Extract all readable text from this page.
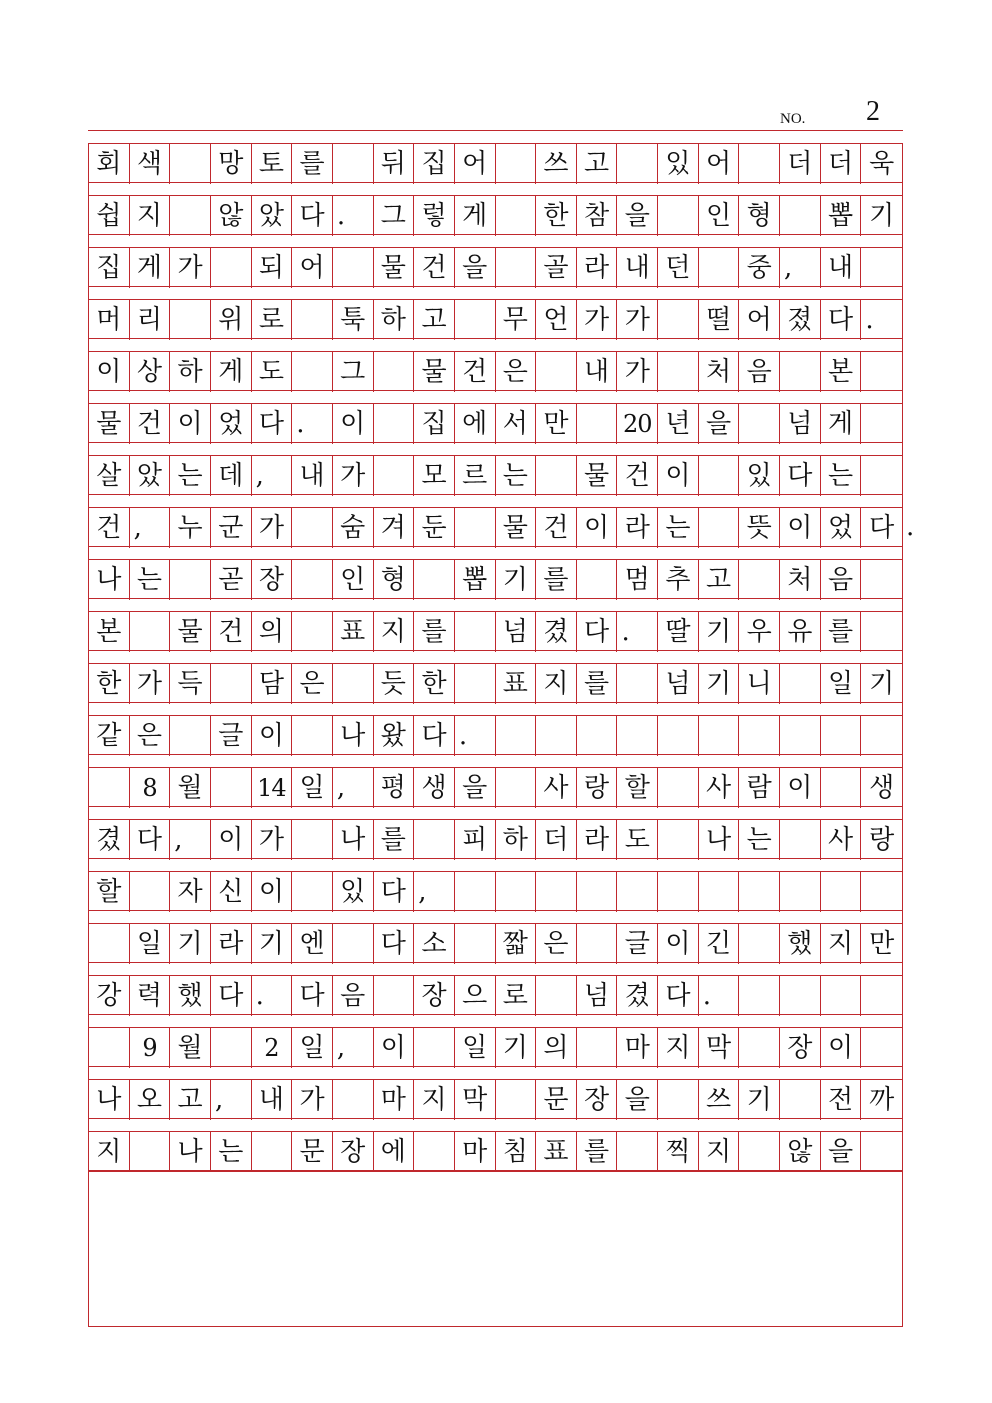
NO. 2
회 색	망 토 를	뒤 집 어	쓰 고	있 어	더 더 욱
쉽 지	않 았 다 .	그 렇 게	한 참 을	인 형	뽑 기
집 게 가	되 어	물 건 을	골 라 내 던	중 ,	내
머 리	위 로	툭 하 고	무 언 가 가	떨 어 졌 다 .
이 상 하 게 도	그	물 건 은	내 가	처 음	본
물 건 이 었 다 .	이	집 에 서 만	20 년 을	넘 게
살 았 는 데 ,	내 가	모 르 는	물 건 이	있 다 는
건 ,	누 군 가	숨 겨 둔	물 건 이 라 는	뜻 이 었 다 .
나 는	곧 장	인 형	뽑 기 를	멈 추 고	처 음
본	물 건 의	표 지 를	넘 겼 다 .	딸 기 우 유 를
한 가 득	담 은	듯 한	표 지 를	넘 기 니	일 기
같 은	글 이	나 왔 다 .
8 월	14 일 ,	평 생 을	사 랑 할	사 람 이	생
겼 다 ,	이 가	나 를	피 하 더 라 도	나 는	사 랑
할	자 신 이	있 다 ,
일 기 라 기 엔	다 소	짧 은	글 이 긴	했 지 만
강 력 했 다 .	다 음	장 으 로	넘 겼 다 .
9 월	2 일 ,	이	일 기 의	마 지 막	장 이
나 오 고 ,	내 가	마 지 막	문 장 을	쓰 기	전 까
지	나 는	문 장 에	마 침 표 를	찍 지	않 을
